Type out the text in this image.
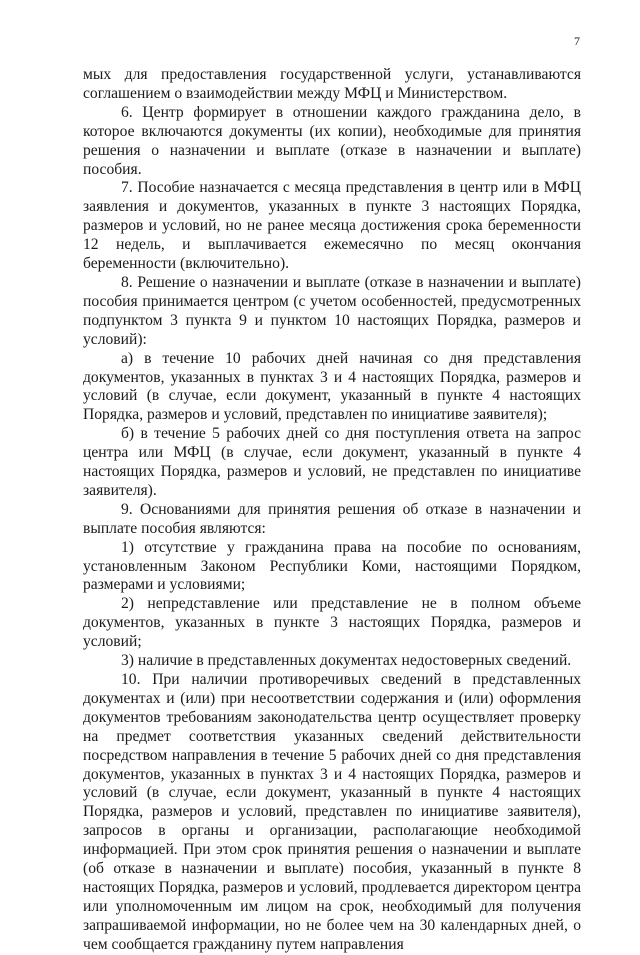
7

мых для предоставления государственной услуги, устанавливаются соглашением о взаимодействии между МФЦ и Министерством.

6. Центр формирует в отношении каждого гражданина дело, в которое включаются документы (их копии), необходимые для принятия решения о назначении и выплате (отказе в назначении и выплате) пособия.

7. Пособие назначается с месяца представления в центр или в МФЦ заявления и документов, указанных в пункте 3 настоящих Порядка, размеров и условий, но не ранее месяца достижения срока беременности 12 недель, и выплачивается ежемесячно по месяц окончания беременности (включительно).

8. Решение о назначении и выплате (отказе в назначении и выплате) пособия принимается центром (с учетом особенностей, предусмотренных подпунктом 3 пункта 9 и пунктом 10 настоящих Порядка, размеров и условий):

а) в течение 10 рабочих дней начиная со дня представления документов, указанных в пунктах 3 и 4 настоящих Порядка, размеров и условий (в случае, если документ, указанный в пункте 4 настоящих Порядка, размеров и условий, представлен по инициативе заявителя);

б) в течение 5 рабочих дней со дня поступления ответа на запрос центра или МФЦ (в случае, если документ, указанный в пункте 4 настоящих Порядка, размеров и условий, не представлен по инициативе заявителя).

9. Основаниями для принятия решения об отказе в назначении и выплате пособия являются:

1) отсутствие у гражданина права на пособие по основаниям, установленным Законом Республики Коми, настоящими Порядком, размерами и условиями;

2) непредставление или представление не в полном объеме документов, указанных в пункте 3 настоящих Порядка, размеров и условий;

3) наличие в представленных документах недостоверных сведений.

10. При наличии противоречивых сведений в представленных документах и (или) при несоответствии содержания и (или) оформления документов требованиям законодательства центр осуществляет проверку на предмет соответствия указанных сведений действительности посредством направления в течение 5 рабочих дней со дня представления документов, указанных в пунктах 3 и 4 настоящих Порядка, размеров и условий (в случае, если документ, указанный в пункте 4 настоящих Порядка, размеров и условий, представлен по инициативе заявителя), запросов в органы и организации, располагающие необходимой информацией. При этом срок принятия решения о назначении и выплате (об отказе в назначении и выплате) пособия, указанный в пункте 8 настоящих Порядка, размеров и условий, продлевается директором центра или уполномоченным им лицом на срок, необходимый для получения запрашиваемой информации, но не более чем на 30 календарных дней, о чем сообщается гражданину путем направления
